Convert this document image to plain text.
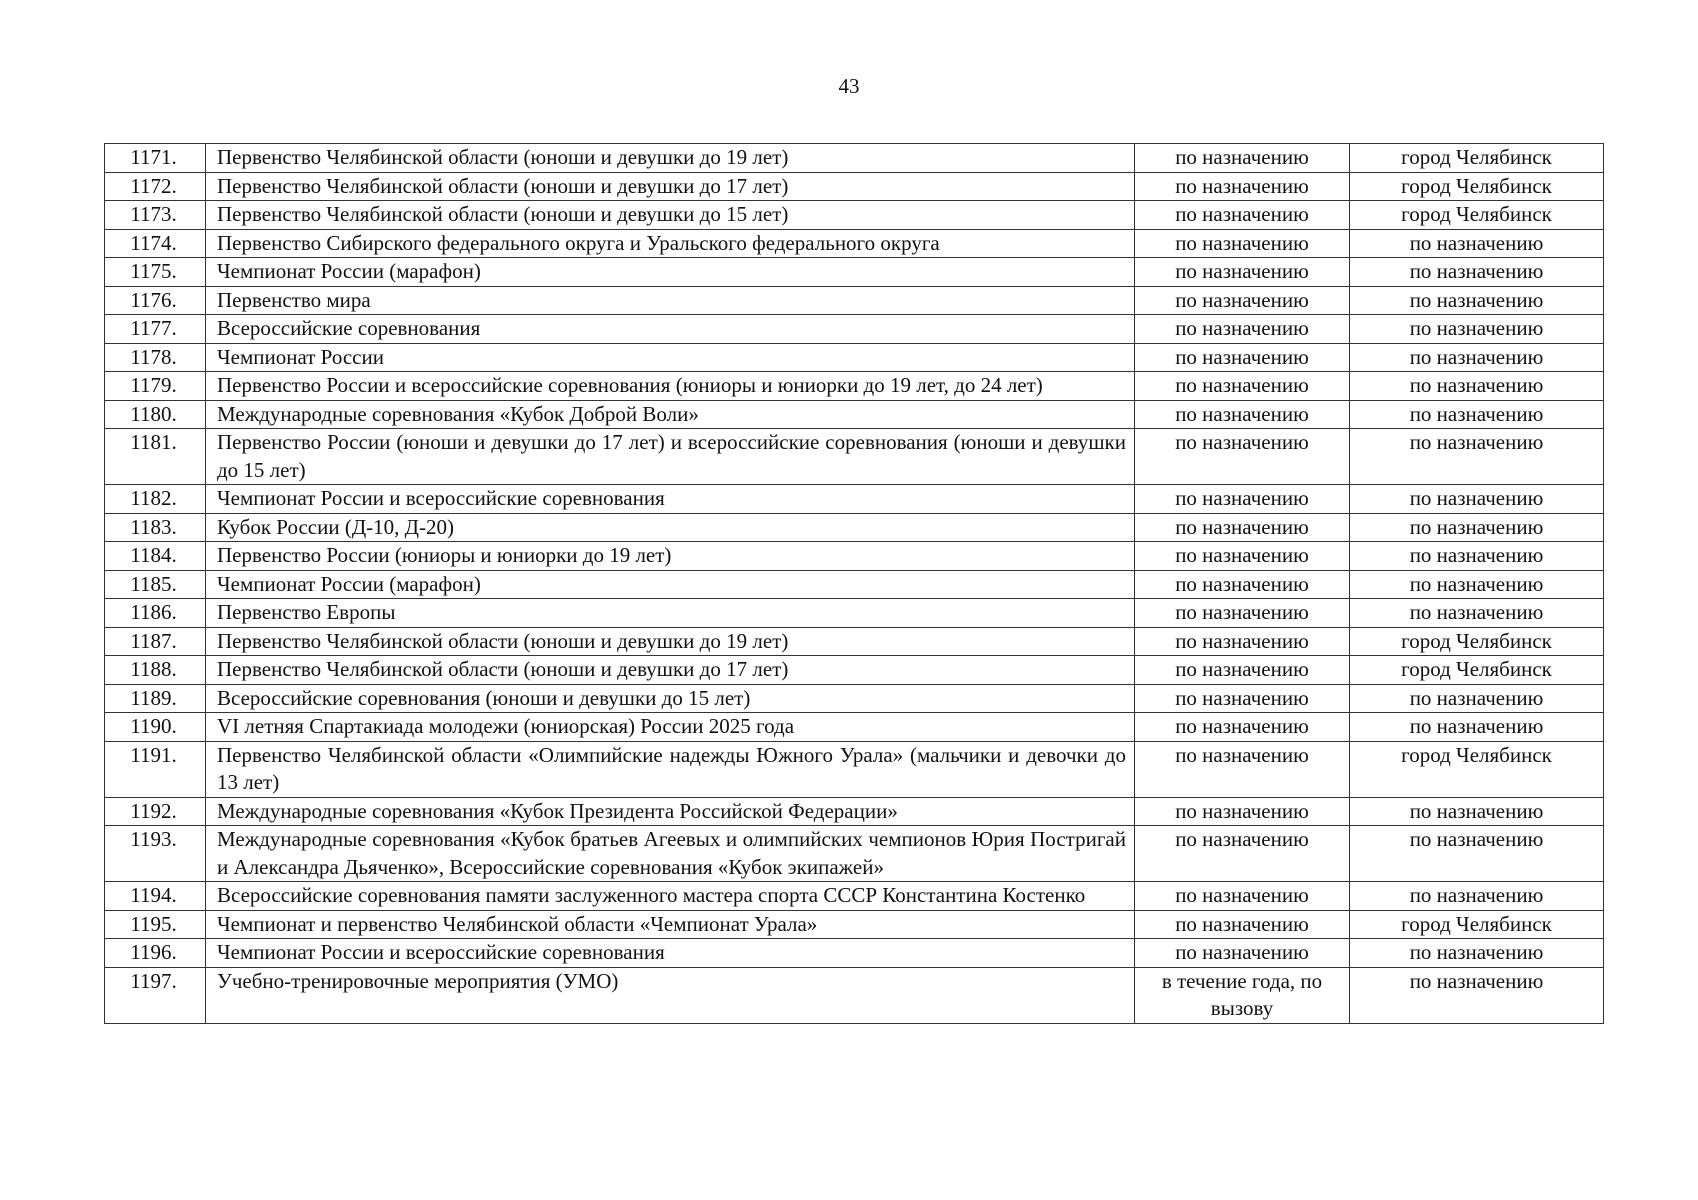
43
1171.	Первенство Челябинской области (юноши и девушки до 19 лет)	по назначению	город Челябинск
1172.	Первенство Челябинской области (юноши и девушки до 17 лет)	по назначению	город Челябинск
1173.	Первенство Челябинской области (юноши и девушки до 15 лет)	по назначению	город Челябинск
1174.	Первенство Сибирского федерального округа и Уральского федерального округа	по назначению	по назначению
1175.	Чемпионат России (марафон)	по назначению	по назначению
1176.	Первенство мира	по назначению	по назначению
1177.	Всероссийские соревнования	по назначению	по назначению
1178.	Чемпионат России	по назначению	по назначению
1179.	Первенство России и всероссийские соревнования (юниоры и юниорки до 19 лет, до 24 лет)	по назначению	по назначению
1180.	Международные соревнования «Кубок Доброй Воли»	по назначению	по назначению
1181.	Первенство России (юноши и девушки до 17 лет) и всероссийские соревнования (юноши и девушки до 15 лет)	по назначению	по назначению
1182.	Чемпионат России и всероссийские соревнования	по назначению	по назначению
1183.	Кубок России (Д-10, Д-20)	по назначению	по назначению
1184.	Первенство России (юниоры и юниорки до 19 лет)	по назначению	по назначению
1185.	Чемпионат России (марафон)	по назначению	по назначению
1186.	Первенство Европы	по назначению	по назначению
1187.	Первенство Челябинской области (юноши и девушки до 19 лет)	по назначению	город Челябинск
1188.	Первенство Челябинской области (юноши и девушки до 17 лет)	по назначению	город Челябинск
1189.	Всероссийские соревнования (юноши и девушки до 15 лет)	по назначению	по назначению
1190.	VI летняя Спартакиада молодежи (юниорская) России 2025 года	по назначению	по назначению
1191.	Первенство Челябинской области «Олимпийские надежды Южного Урала» (мальчики и девочки до 13 лет)	по назначению	город Челябинск
1192.	Международные соревнования «Кубок Президента Российской Федерации»	по назначению	по назначению
1193.	Международные соревнования «Кубок братьев Агеевых и олимпийских чемпионов Юрия Постригай и Александра Дьяченко», Всероссийские соревнования «Кубок экипажей»	по назначению	по назначению
1194.	Всероссийские соревнования памяти заслуженного мастера спорта СССР Константина Костенко	по назначению	по назначению
1195.	Чемпионат и первенство Челябинской области «Чемпионат Урала»	по назначению	город Челябинск
1196.	Чемпионат России и всероссийские соревнования	по назначению	по назначению
1197.	Учебно-тренировочные мероприятия (УМО)	в течение года, по вызову	по назначению
